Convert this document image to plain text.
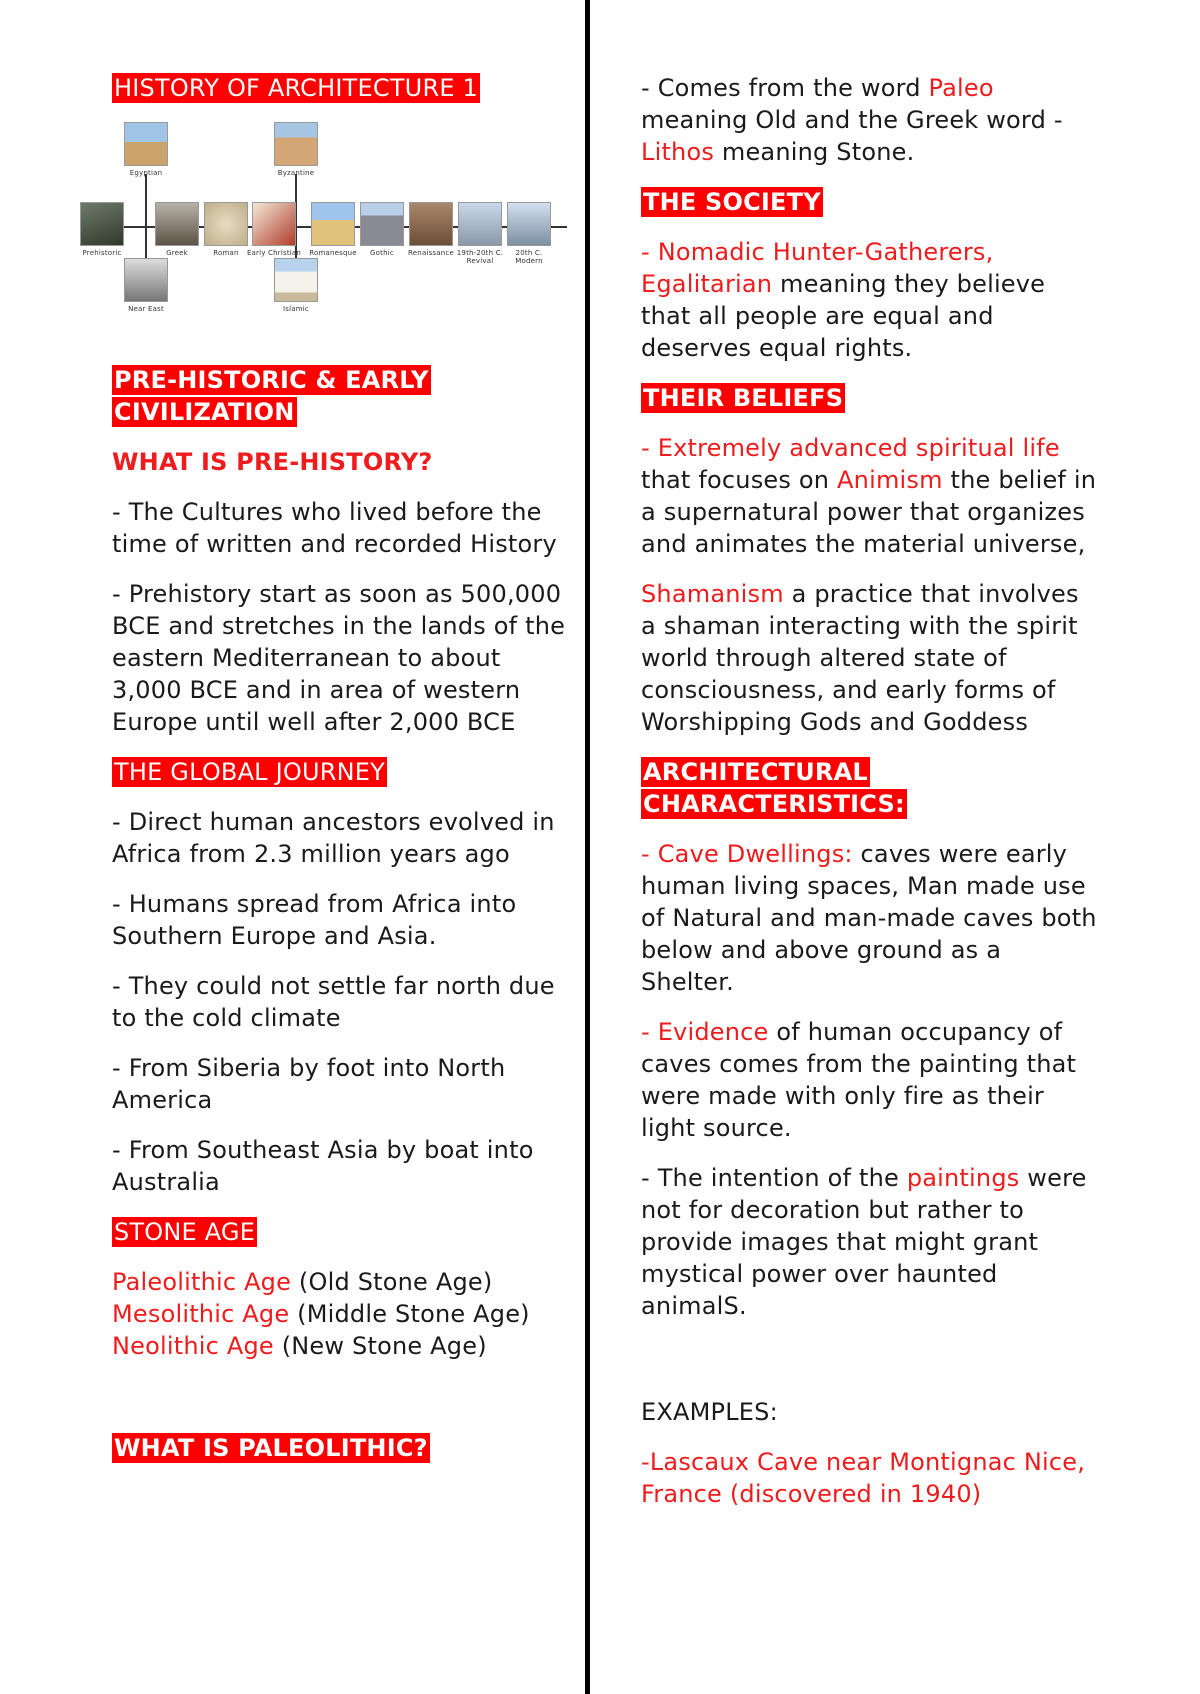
HISTORY OF ARCHITECTURE 1
Egyptian	Byzantine
Prehistoric	Greek	Roman	Early Christian	Romanesque	Gothic	Renaissance 19th-20th C. Revival
20th C. Modern
Near East	Islamic
PRE-HISTORIC & EARLY
CIVILIZATION
WHAT IS PRE-HISTORY?

- The Cultures who lived before the time of written and recorded History

- Prehistory start as soon as 500,000 BCE and stretches in the lands of the eastern Mediterranean to about 3,000 BCE and in area of western Europe until well after 2,000 BCE

THE GLOBAL JOURNEY

- Direct human ancestors evolved in Africa from 2.3 million years ago

- Humans spread from Africa into Southern Europe and Asia.

- They could not settle far north due to the cold climate

- From Siberia by foot into North America

- From Southeast Asia by boat into Australia

STONE AGE

Paleolithic Age (Old Stone Age)

Mesolithic Age (Middle Stone Age)

Neolithic Age (New Stone Age)

WHAT IS PALEOLITHIC?

- Comes from the word Paleo meaning Old and the Greek word - Lithos meaning Stone.

THE SOCIETY

- Nomadic Hunter-Gatherers, Egalitarian meaning they believe that all people are equal and deserves equal rights.

THEIR BELIEFS

- Extremely advanced spiritual life that focuses on Animism the belief in a supernatural power that organizes and animates the material universe,

Shamanism a practice that involves a shaman interacting with the spirit world through altered state of consciousness, and early forms of Worshipping Gods and Goddess

ARCHITECTURAL
CHARACTERISTICS:

- Cave Dwellings: caves were early human living spaces, Man made use of Natural and man-made caves both below and above ground as a Shelter.

- Evidence of human occupancy of caves comes from the painting that were made with only fire as their light source.

- The intention of the paintings were not for decoration but rather to provide images that might grant mystical power over haunted animalS.

EXAMPLES:

-Lascaux Cave near Montignac Nice, France (discovered in 1940)
